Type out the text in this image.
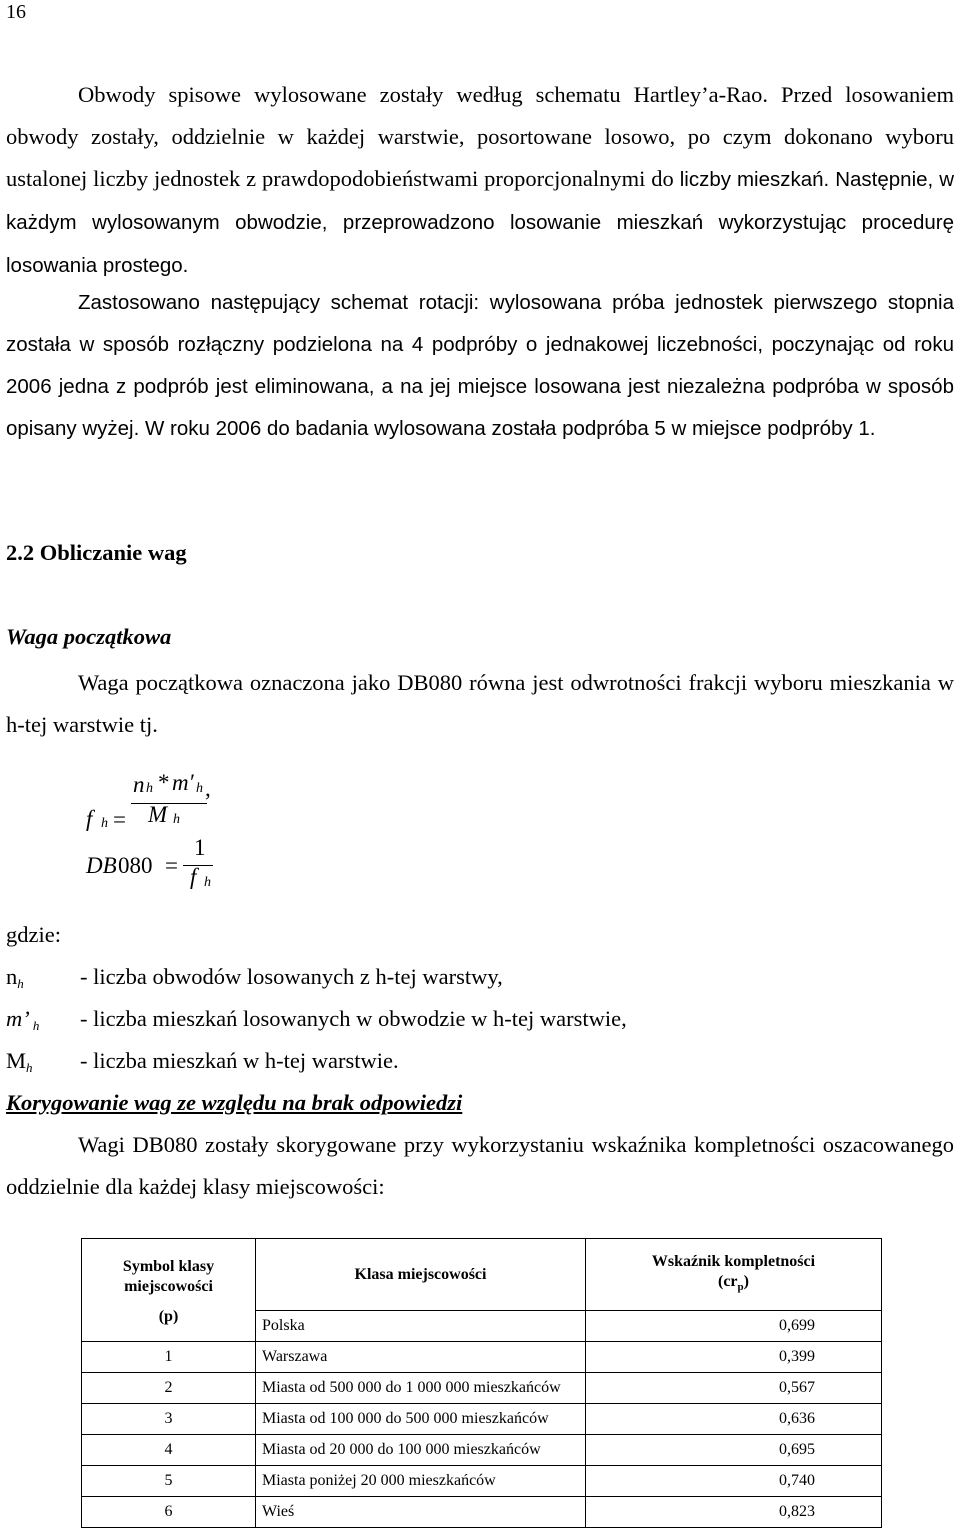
16

Obwody spisowe wylosowane zostały według schematu Hartley’a-Rao. Przed losowaniem obwody zostały, oddzielnie w każdej warstwie, posortowane losowo, po czym dokonano wyboru ustalonej liczby jednostek z prawdopodobieństwami proporcjonalnymi do liczby mieszkań. Następnie, w każdym wylosowanym obwodzie, przeprowadzono losowanie mieszkań wykorzystując procedurę losowania prostego.

Zastosowano następujący schemat rotacji: wylosowana próba jednostek pierwszego stopnia została w sposób rozłączny podzielona na 4 podpróby o jednakowej liczebności, poczynając od roku 2006 jedna z podprób jest eliminowana, a na jej miejsce losowana jest niezależna podpróba w sposób opisany wyżej. W roku 2006 do badania wylosowana została podpróba 5 w miejsce podpróby 1.

2.2 Obliczanie wag
Waga początkowa

Waga początkowa oznaczona jako DB080 równa jest odwrotności frakcji wyboru mieszkania w h-tej warstwie tj.

f h =
n h * m′ h ,
M h
DB 080 =
1
f h
gdzie:
nh	- liczba obwodów losowanych z h-tej warstwy,
m’ h - liczba mieszkań losowanych w obwodzie w h-tej warstwie,
Mh - liczba mieszkań w h-tej warstwie.
Korygowanie wag ze względu na brak odpowiedzi

Wagi DB080 zostały skorygowane przy wykorzystaniu wskaźnika kompletności oszacowanego oddzielnie dla każdej klasy miejscowości:

Symbol klasy miejscowości
(p)	Klasa miejscowości	Wskaźnik kompletności
$(cr_p)$
	Polska	0,699
1	Warszawa	0,399
2	Miasta od 500 000 do 1 000 000 mieszkańców	0,567
3	Miasta od 100 000 do 500 000 mieszkańców	0,636
4	Miasta od 20 000 do 100 000 mieszkańców	0,695
5	Miasta poniżej 20 000 mieszkańców	0,740
6	Wieś	0,823
